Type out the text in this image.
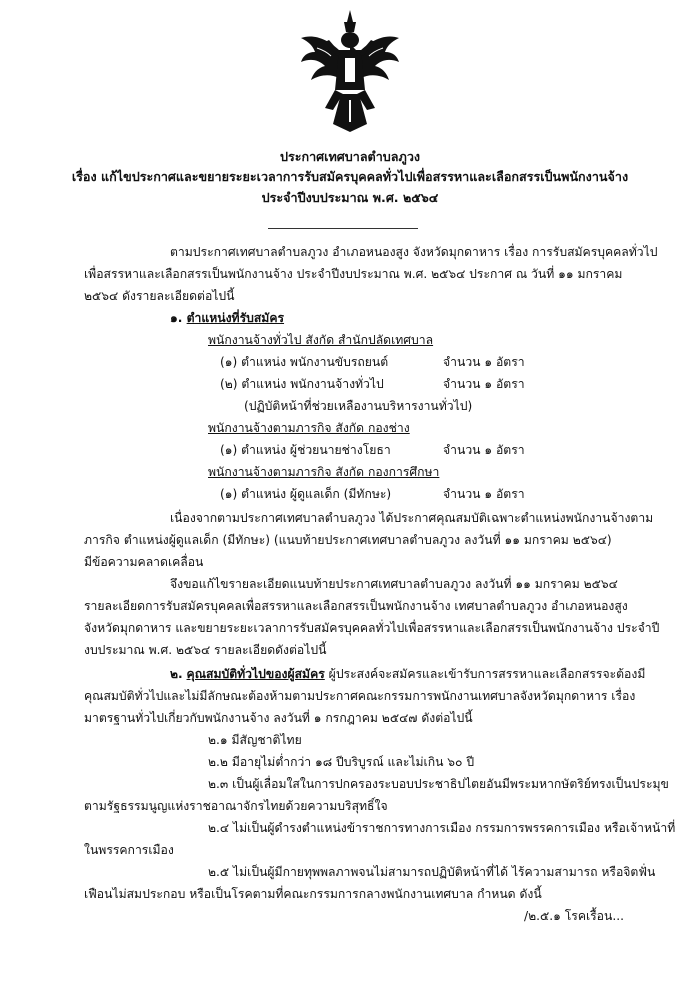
ประกาศเทศบาลตำบลภูวง
เรื่อง แก้ไขประกาศและขยายระยะเวลาการรับสมัครบุคคลทั่วไปเพื่อสรรหาและเลือกสรรเป็นพนักงานจ้าง
ประจำปีงบประมาณ พ.ศ. ๒๕๖๔
ตามประกาศเทศบาลตำบลภูวง อำเภอหนองสูง จังหวัดมุกดาหาร เรื่อง การรับสมัครบุคคลทั่วไป
เพื่อสรรหาและเลือกสรรเป็นพนักงานจ้าง ประจำปีงบประมาณ พ.ศ. ๒๕๖๔ ประกาศ ณ วันที่ ๑๑ มกราคม
๒๕๖๔ ดังรายละเอียดต่อไปนี้
๑. ตำแหน่งที่รับสมัคร
พนักงานจ้างทั่วไป สังกัด สำนักปลัดเทศบาล
(๑) ตำแหน่ง พนักงานขับรถยนต์	จำนวน ๑ อัตรา
(๒) ตำแหน่ง พนักงานจ้างทั่วไป	จำนวน ๑ อัตรา
(ปฏิบัติหน้าที่ช่วยเหลืองานบริหารงานทั่วไป)
พนักงานจ้างตามภารกิจ สังกัด กองช่าง
(๑) ตำแหน่ง ผู้ช่วยนายช่างโยธา	จำนวน ๑ อัตรา
พนักงานจ้างตามภารกิจ สังกัด กองการศึกษา
(๑) ตำแหน่ง ผู้ดูแลเด็ก (มีทักษะ)	จำนวน ๑ อัตรา
เนื่องจากตามประกาศเทศบาลตำบลภูวง ได้ประกาศคุณสมบัติเฉพาะตำแหน่งพนักงานจ้างตาม
ภารกิจ ตำแหน่งผู้ดูแลเด็ก (มีทักษะ) (แนบท้ายประกาศเทศบาลตำบลภูวง ลงวันที่ ๑๑ มกราคม ๒๕๖๔)
มีข้อความคลาดเคลื่อน
จึงขอแก้ไขรายละเอียดแนบท้ายประกาศเทศบาลตำบลภูวง ลงวันที่ ๑๑ มกราคม ๒๕๖๔
รายละเอียดการรับสมัครบุคคลเพื่อสรรหาและเลือกสรรเป็นพนักงานจ้าง เทศบาลตำบลภูวง อำเภอหนองสูง
จังหวัดมุกดาหาร และขยายระยะเวลาการรับสมัครบุคคลทั่วไปเพื่อสรรหาและเลือกสรรเป็นพนักงานจ้าง ประจำปี
งบประมาณ พ.ศ. ๒๕๖๔ รายละเอียดดังต่อไปนี้
๒. คุณสมบัติทั่วไปของผู้สมัคร ผู้ประสงค์จะสมัครและเข้ารับการสรรหาและเลือกสรรจะต้องมี
คุณสมบัติทั่วไปและไม่มีลักษณะต้องห้ามตามประกาศคณะกรรมการพนักงานเทศบาลจังหวัดมุกดาหาร เรื่อง
มาตรฐานทั่วไปเกี่ยวกับพนักงานจ้าง ลงวันที่ ๑ กรกฎาคม ๒๕๔๗ ดังต่อไปนี้
๒.๑ มีสัญชาติไทย
๒.๒ มีอายุไม่ต่ำกว่า ๑๘ ปีบริบูรณ์ และไม่เกิน ๖๐ ปี
๒.๓ เป็นผู้เลื่อมใสในการปกครองระบอบประชาธิปไตยอันมีพระมหากษัตริย์ทรงเป็นประมุข
ตามรัฐธรรมนูญแห่งราชอาณาจักรไทยด้วยความบริสุทธิ์ใจ
๒.๔ ไม่เป็นผู้ดำรงตำแหน่งข้าราชการทางการเมือง กรรมการพรรคการเมือง หรือเจ้าหน้าที่
ในพรรคการเมือง
๒.๕ ไม่เป็นผู้มีกายทุพพลภาพจนไม่สามารถปฏิบัติหน้าที่ได้ ไร้ความสามารถ หรือจิตฟั่น
เฟือนไม่สมประกอบ หรือเป็นโรคตามที่คณะกรรมการกลางพนักงานเทศบาล กำหนด ดังนี้
/๒.๕.๑ โรคเรื้อน...
